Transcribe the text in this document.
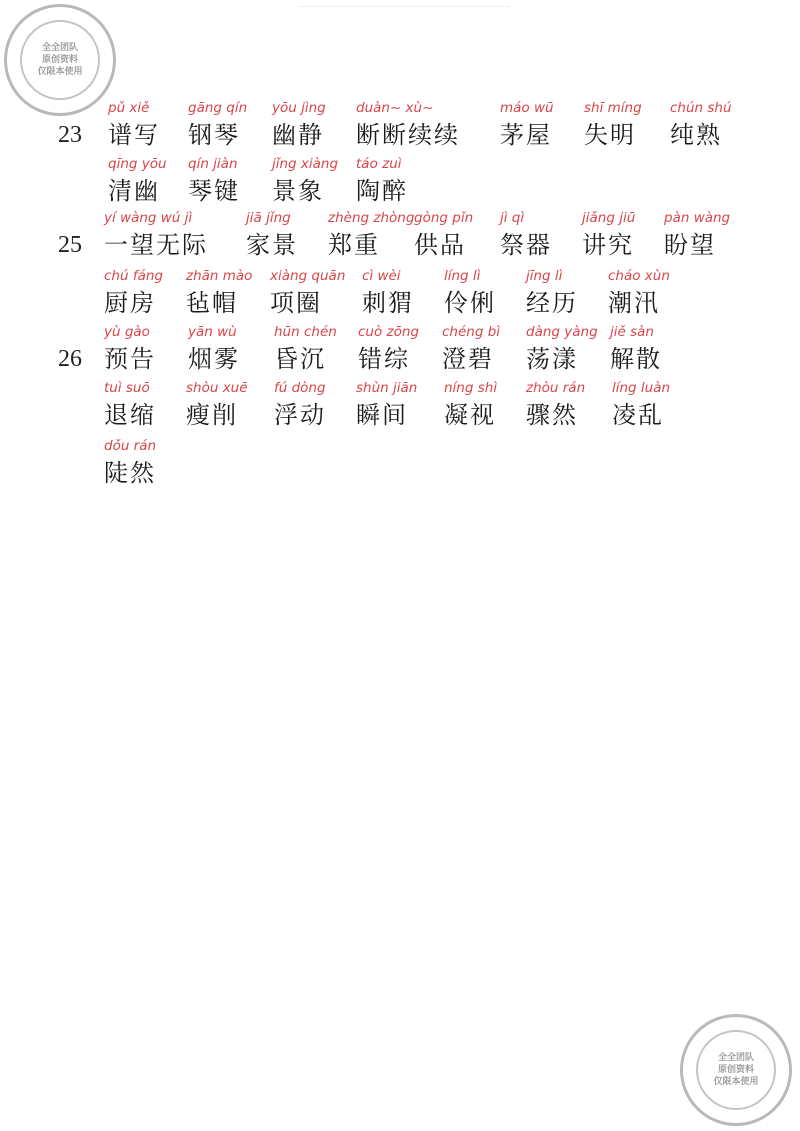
全全团队
原创资料
仅限本使用
全全团队
原创资料
仅限本使用
23
pǔ xiě
谱写
gāng qín
钢琴
yōu jìng
幽静
duàn~ xù~
断断续续
máo wū
茅屋
shī míng
失明
chún shú
纯熟
qīng yōu
清幽
qín jiàn
琴键
jǐng xiàng
景象
táo zuì
陶醉
25
yí wàng wú jì
一望无际
jiā jǐng
家景
zhèng zhòng
郑重
gòng pǐn
供品
jì qì
祭器
jiǎng jiū
讲究
pàn wàng
盼望
chú fáng
厨房
zhān mào
毡帽
xiàng quān
项圈
cì wèi
刺猬
líng lì
伶俐
jīng lì
经历
cháo xùn
潮汛
26
yù gào
预告
yān wù
烟雾
hūn chén
昏沉
cuò zōng
错综
chéng bì
澄碧
dàng yàng
荡漾
jiě sàn
解散
tuì suō
退缩
shòu xuē
瘦削
fú dòng
浮动
shùn jiān
瞬间
níng shì
凝视
zhòu rán
骤然
líng luàn
凌乱
dǒu rán
陡然
